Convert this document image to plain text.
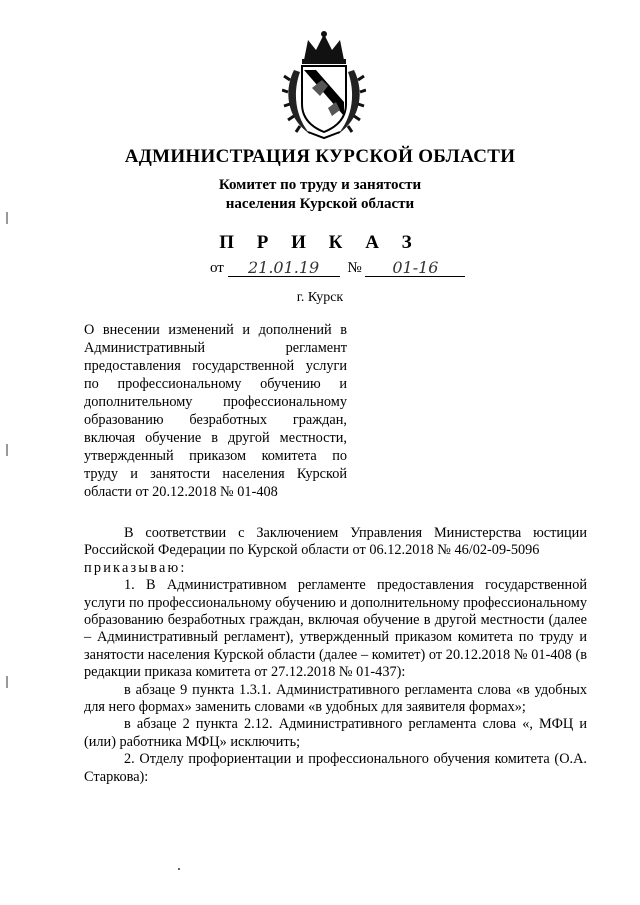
АДМИНИСТРАЦИЯ КУРСКОЙ ОБЛАСТИ
Комитет по труду и занятости
населения Курской области
П Р И К А З
от 21.01.19 № 01-16
г. Курск
О внесении изменений и дополнений в Административный регламент предоставления государственной услуги по профессиональному обучению и дополнительному профессиональному образованию безработных граждан, включая обучение в другой местности, утвержденный приказом комитета по труду и занятости населения Курской области от 20.12.2018 № 01-408

В соответствии с Заключением Управления Министерства юстиции Российской Федерации по Курской области от 06.12.2018 № 46/02-09-5096

приказываю:

1. В Административном регламенте предоставления государственной услуги по профессиональному обучению и дополнительному профессиональному образованию безработных граждан, включая обучение в другой местности (далее – Административный регламент), утвержденный приказом комитета по труду и занятости населения Курской области (далее – комитет) от 20.12.2018 № 01-408 (в редакции приказа комитета от 27.12.2018 № 01-437):

в абзаце 9 пункта 1.3.1. Административного регламента слова «в удобных для него формах» заменить словами «в удобных для заявителя формах»;

в абзаце 2 пункта 2.12. Административного регламента слова «, МФЦ и (или) работника МФЦ» исключить;

2. Отделу профориентации и профессионального обучения комитета (О.А. Старкова):
